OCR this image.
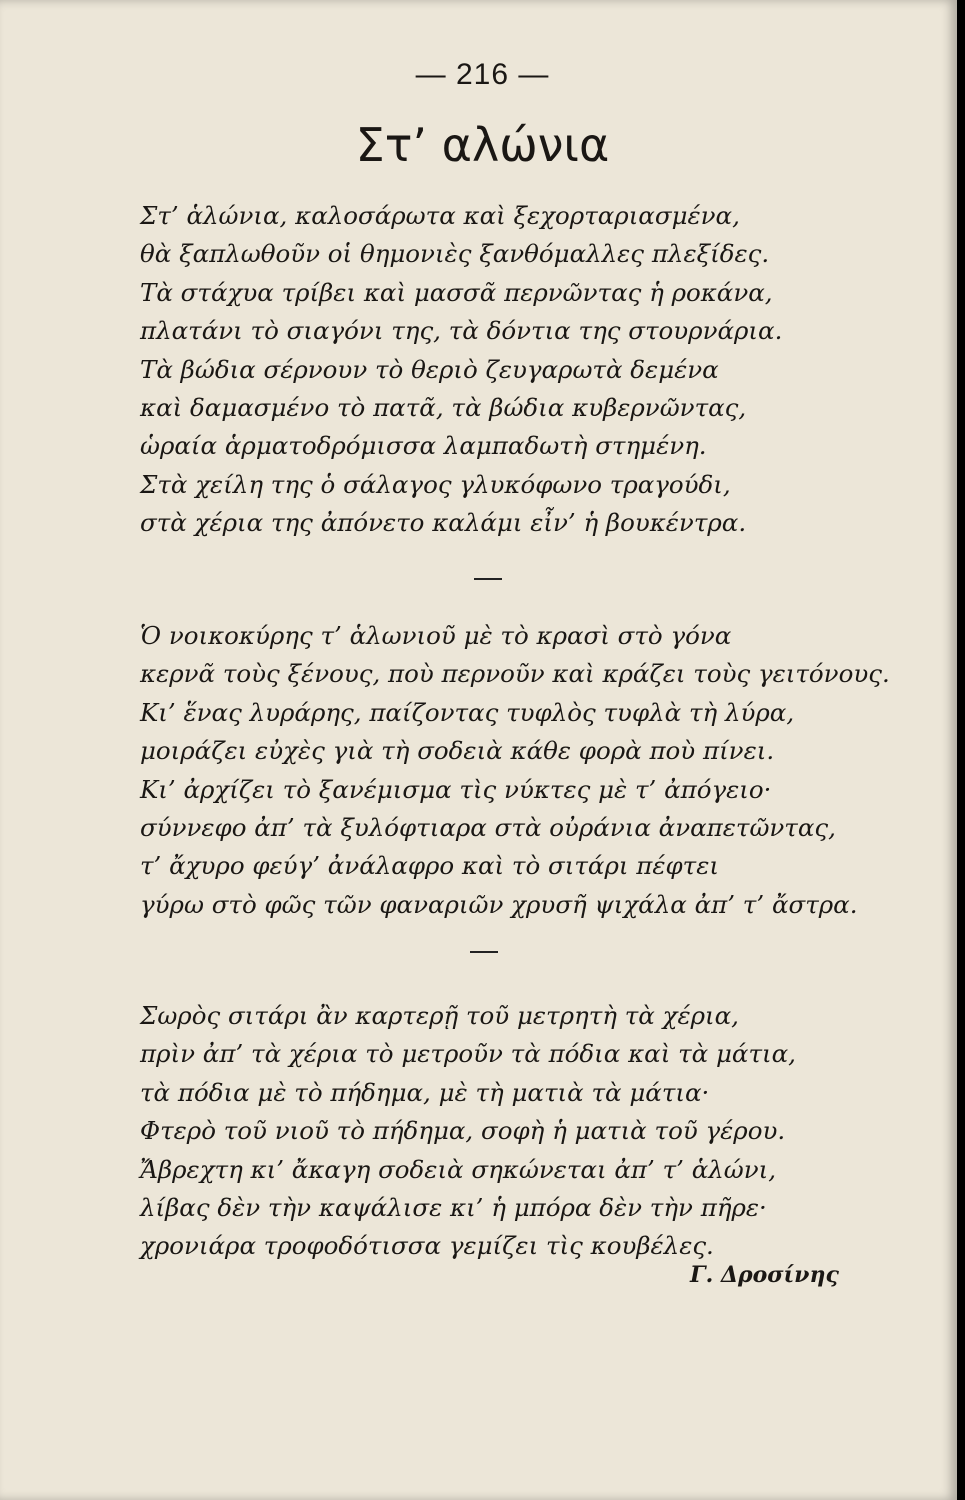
— 216 —
Στ’ αλώνια
Στ’ ἁλώνια, καλοσάρωτα καὶ ξεχορταριασμένα,
θὰ ξαπλωθοῦν οἱ θημονιὲς ξανθόμαλλες πλεξίδες.
Τὰ στάχυα τρίβει καὶ μασσᾶ περνῶντας ἡ ροκάνα,
πλατάνι τὸ σιαγόνι της, τὰ δόντια της στουρνάρια.
Τὰ βώδια σέρνουν τὸ θεριὸ ζευγαρωτὰ δεμένα
καὶ δαμασμένο τὸ πατᾶ, τὰ βώδια κυβερνῶντας,
ὡραία ἁρματοδρόμισσα λαμπαδωτὴ στημένη.
Στὰ χείλη της ὁ σάλαγος γλυκόφωνο τραγούδι,
στὰ χέρια της ἀπόνετο καλάμι εἶν’ ἡ βουκέντρα.
Ὁ νοικοκύρης τ’ ἁλωνιοῦ μὲ τὸ κρασὶ στὸ γόνα
κερνᾶ τοὺς ξένους, ποὺ περνοῦν καὶ κράζει τοὺς γειτόνους.
Κι’ ἕνας λυράρης, παίζοντας τυφλὸς τυφλὰ τὴ λύρα,
μοιράζει εὐχὲς γιὰ τὴ σοδειὰ κάθε φορὰ ποὺ πίνει.
Κι’ ἀρχίζει τὸ ξανέμισμα τὶς νύκτες μὲ τ’ ἀπόγειο·
σύννεφο ἀπ’ τὰ ξυλόφτιαρα στὰ οὐράνια ἀναπετῶντας,
τ’ ἄχυρο φεύγ’ ἀνάλαφρο καὶ τὸ σιτάρι πέφτει
γύρω στὸ φῶς τῶν φαναριῶν χρυσῆ ψιχάλα ἀπ’ τ’ ἄστρα.
Σωρὸς σιτάρι ἂν καρτερῇ τοῦ μετρητὴ τὰ χέρια,
πρὶν ἀπ’ τὰ χέρια τὸ μετροῦν τὰ πόδια καὶ τὰ μάτια,
τὰ πόδια μὲ τὸ πήδημα, μὲ τὴ ματιὰ τὰ μάτια·
Φτερὸ τοῦ νιοῦ τὸ πήδημα, σοφὴ ἡ ματιὰ τοῦ γέρου.
Ἄβρεχτη κι’ ἄκαγη σοδειὰ σηκώνεται ἀπ’ τ’ ἁλώνι,
λίβας δὲν τὴν καψάλισε κι’ ἡ μπόρα δὲν τὴν πῆρε·
χρονιάρα τροφοδότισσα γεμίζει τὶς κουβέλες.
Γ. Δροσίνης
